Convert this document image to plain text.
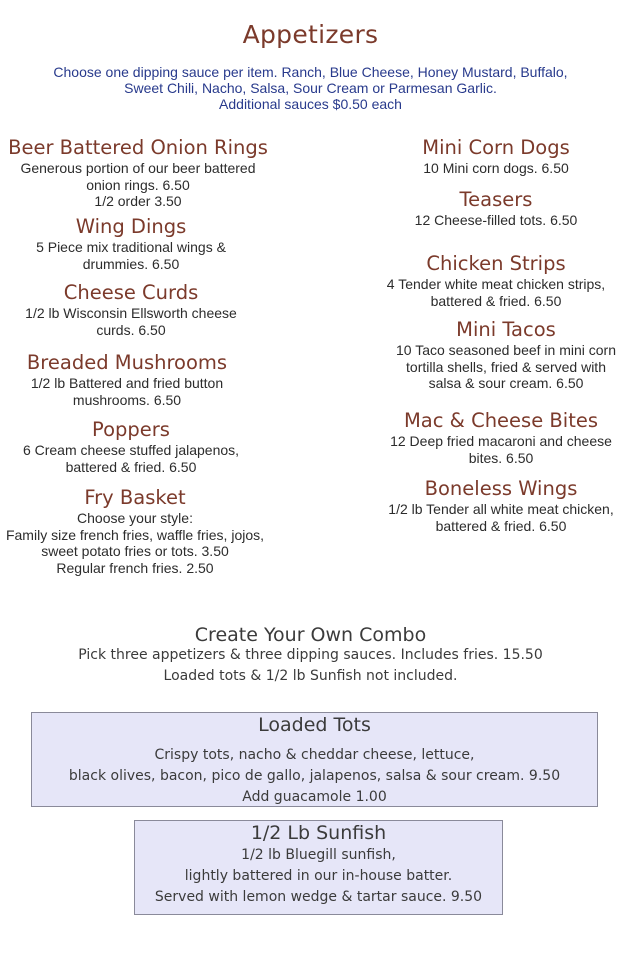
Appetizers
Choose one dipping sauce per item. Ranch, Blue Cheese, Honey Mustard, Buffalo,
Sweet Chili, Nacho, Salsa, Sour Cream or Parmesan Garlic.
Additional sauces $0.50 each
Beer Battered Onion Rings
Generous portion of our beer battered
onion rings. 6.50
1/2 order 3.50
Wing Dings
5 Piece mix traditional wings &
drummies. 6.50
Cheese Curds
1/2 lb Wisconsin Ellsworth cheese
curds. 6.50
Breaded Mushrooms
1/2 lb Battered and fried button
mushrooms. 6.50
Poppers
6 Cream cheese stuffed jalapenos,
battered & fried. 6.50
Fry Basket
Choose your style:
Family size french fries, waffle fries, jojos,
sweet potato fries or tots. 3.50
Regular french fries. 2.50
Mini Corn Dogs
10 Mini corn dogs. 6.50
Teasers
12 Cheese-filled tots. 6.50
Chicken Strips
4 Tender white meat chicken strips,
battered & fried. 6.50
Mini Tacos
10 Taco seasoned beef in mini corn
tortilla shells, fried & served with
salsa & sour cream. 6.50
Mac & Cheese Bites
12 Deep fried macaroni and cheese
bites. 6.50
Boneless Wings
1/2 lb Tender all white meat chicken,
battered & fried. 6.50
Create Your Own Combo
Pick three appetizers & three dipping sauces. Includes fries. 15.50
Loaded tots & 1/2 lb Sunfish not included.
Loaded Tots
Crispy tots, nacho & cheddar cheese, lettuce,
black olives, bacon, pico de gallo, jalapenos, salsa & sour cream. 9.50
Add guacamole 1.00
1/2 Lb Sunfish
1/2 lb Bluegill sunfish,
lightly battered in our in-house batter.
Served with lemon wedge & tartar sauce. 9.50
